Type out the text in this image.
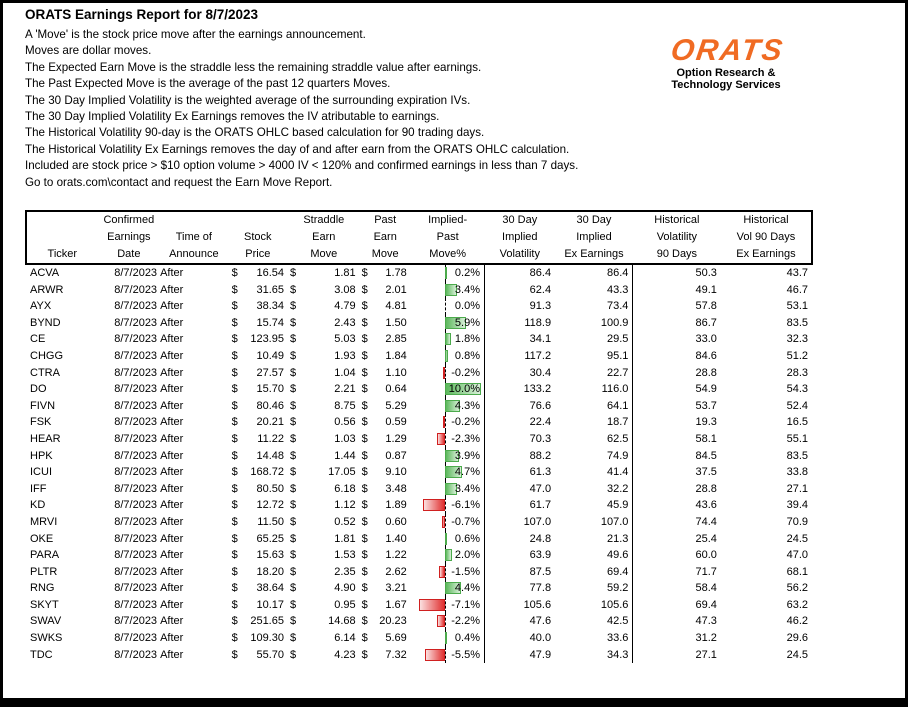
ORATS Earnings Report for 8/7/2023
A 'Move' is the stock price move after the earnings announcement.
Moves are dollar moves.
The Expected Earn Move is the straddle less the remaining straddle value after earnings.
The Past Expected Move is the average of the past 12 quarters Moves.
The 30 Day Implied Volatility is the weighted average of the surrounding expiration IVs.
The 30 Day Implied Volatility Ex Earnings removes the IV atributable to earnings.
The Historical Volatility 90-day is the ORATS OHLC based calculation for 90 trading days.
The Historical Volatility Ex Earnings removes the day of and after earn from the ORATS OHLC calculation.
Included are stock price > $10 option volume > 4000 IV < 120% and confirmed earnings in less than 7 days.
Go to orats.com\contact and request the Earn Move Report.
ORATS
Option Research &
Technology Services
	Confirmed			Straddle	Past	Implied-	30 Day	30 Day	Historical	Historical
	Earnings	Time of	Stock	Earn	Earn	Past	Implied	Implied	Volatility	Vol 90 Days
Ticker	Date	Announce	Price	Move	Move	Move%	Volatility	Ex Earnings	90 Days	Ex Earnings
ACVA	8/7/2023	After	$ 16.54	$ 1.81	$ 1.78	0.2%	86.4	86.4	50.3	43.7
ARWR	8/7/2023	After	$ 31.65	$ 3.08	$ 2.01	3.4%	62.4	43.3	49.1	46.7
AYX	8/7/2023	After	$ 38.34	$ 4.79	$ 4.81	0.0%	91.3	73.4	57.8	53.1
BYND	8/7/2023	After	$ 15.74	$ 2.43	$ 1.50	5.9%	118.9	100.9	86.7	83.5
CE	8/7/2023	After	$ 123.95	$ 5.03	$ 2.85	1.8%	34.1	29.5	33.0	32.3
CHGG	8/7/2023	After	$ 10.49	$ 1.93	$ 1.84	0.8%	117.2	95.1	84.6	51.2
CTRA	8/7/2023	After	$ 27.57	$ 1.04	$ 1.10	-0.2%	30.4	22.7	28.8	28.3
DO	8/7/2023	After	$ 15.70	$ 2.21	$ 0.64	10.0%	133.2	116.0	54.9	54.3
FIVN	8/7/2023	After	$ 80.46	$ 8.75	$ 5.29	4.3%	76.6	64.1	53.7	52.4
FSK	8/7/2023	After	$ 20.21	$ 0.56	$ 0.59	-0.2%	22.4	18.7	19.3	16.5
HEAR	8/7/2023	After	$ 11.22	$ 1.03	$ 1.29	-2.3%	70.3	62.5	58.1	55.1
HPK	8/7/2023	After	$ 14.48	$ 1.44	$ 0.87	3.9%	88.2	74.9	84.5	83.5
ICUI	8/7/2023	After	$ 168.72	$ 17.05	$ 9.10	4.7%	61.3	41.4	37.5	33.8
IFF	8/7/2023	After	$ 80.50	$ 6.18	$ 3.48	3.4%	47.0	32.2	28.8	27.1
KD	8/7/2023	After	$ 12.72	$ 1.12	$ 1.89	-6.1%	61.7	45.9	43.6	39.4
MRVI	8/7/2023	After	$ 11.50	$ 0.52	$ 0.60	-0.7%	107.0	107.0	74.4	70.9
OKE	8/7/2023	After	$ 65.25	$ 1.81	$ 1.40	0.6%	24.8	21.3	25.4	24.5
PARA	8/7/2023	After	$ 15.63	$ 1.53	$ 1.22	2.0%	63.9	49.6	60.0	47.0
PLTR	8/7/2023	After	$ 18.20	$ 2.35	$ 2.62	-1.5%	87.5	69.4	71.7	68.1
RNG	8/7/2023	After	$ 38.64	$ 4.90	$ 3.21	4.4%	77.8	59.2	58.4	56.2
SKYT	8/7/2023	After	$ 10.17	$ 0.95	$ 1.67	-7.1%	105.6	105.6	69.4	63.2
SWAV	8/7/2023	After	$ 251.65	$ 14.68	$ 20.23	-2.2%	47.6	42.5	47.3	46.2
SWKS	8/7/2023	After	$ 109.30	$ 6.14	$ 5.69	0.4%	40.0	33.6	31.2	29.6
TDC	8/7/2023	After	$ 55.70	$ 4.23	$ 7.32	-5.5%	47.9	34.3	27.1	24.5
